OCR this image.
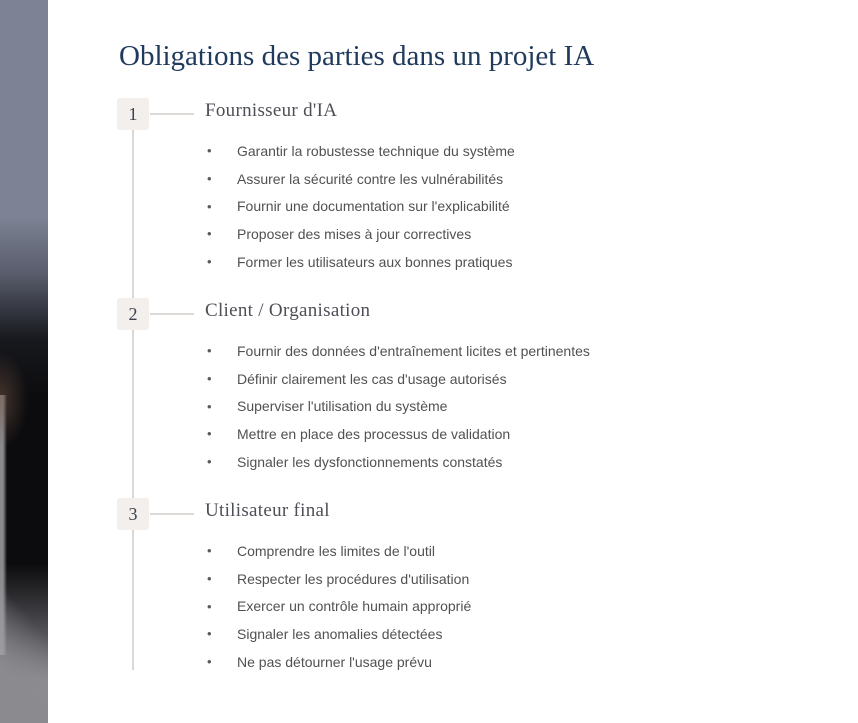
Obligations des parties dans un projet IA
1	Fournisseur d'IA
•
Garantir la robustesse technique du système
•
Assurer la sécurité contre les vulnérabilités
•
Fournir une documentation sur l'explicabilité
•
Proposer des mises à jour correctives
•
Former les utilisateurs aux bonnes pratiques
2	Client / Organisation
•
Fournir des données d'entraînement licites et pertinentes
•
Définir clairement les cas d'usage autorisés
•
Superviser l'utilisation du système
•
Mettre en place des processus de validation
•
Signaler les dysfonctionnements constatés
3	Utilisateur final
•
Comprendre les limites de l'outil
•
Respecter les procédures d'utilisation
•
Exercer un contrôle humain approprié
•
Signaler les anomalies détectées
•
Ne pas détourner l'usage prévu
